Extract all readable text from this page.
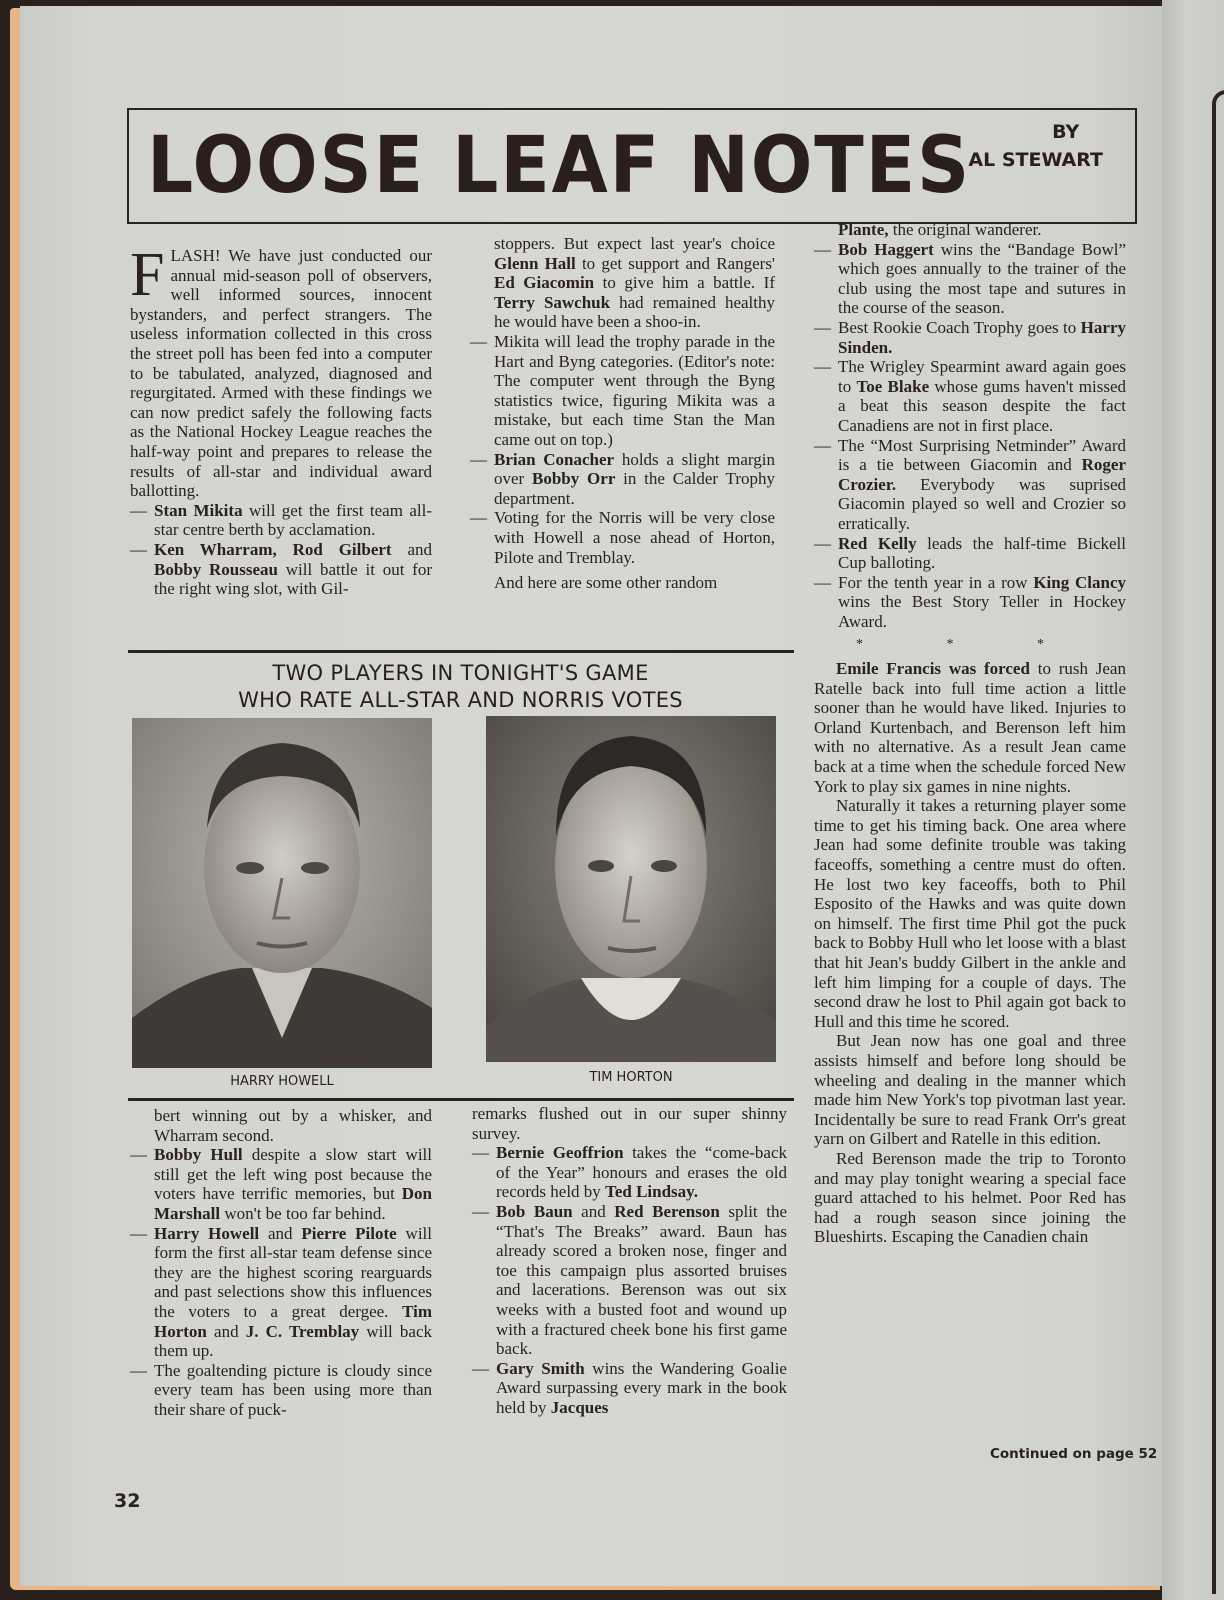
LOOSE LEAF NOTES	BY
AL STEWART

FLASH! We have just conducted our annual mid-season poll of observers, well informed sources, innocent bystanders, and perfect strangers. The useless information collected in this cross the street poll has been fed into a computer to be tabulated, analyzed, diagnosed and regurgitated. Armed with these findings we can now predict safely the following facts as the National Hockey League reaches the half-way point and prepares to release the results of all-star and individual award ballotting.

— Stan Mikita will get the first team all-star centre berth by acclamation.

— Ken Wharram, Rod Gilbert and Bobby Rousseau will battle it out for the right wing slot, with Gil-

stoppers. But expect last year's choice Glenn Hall to get support and Rangers' Ed Giacomin to give him a battle. If Terry Sawchuk had remained healthy he would have been a shoo-in.

— Mikita will lead the trophy parade in the Hart and Byng categories. (Editor's note: The computer went through the Byng statistics twice, figuring Mikita was a mistake, but each time Stan the Man came out on top.)

— Brian Conacher holds a slight margin over Bobby Orr in the Calder Trophy department.

— Voting for the Norris will be very close with Howell a nose ahead of Horton, Pilote and Tremblay.

And here are some other random

TWO PLAYERS IN TONIGHT'S GAME
WHO RATE ALL-STAR AND NORRIS VOTES
HARRY HOWELL	TIM HORTON

bert winning out by a whisker, and Wharram second.

— Bobby Hull despite a slow start will still get the left wing post because the voters have terrific memories, but Don Marshall won't be too far behind.

— Harry Howell and Pierre Pilote will form the first all-star team defense since they are the highest scoring rearguards and past selections show this influences the voters to a great dergee. Tim Horton and J. C. Tremblay will back them up.

— The goaltending picture is cloudy since every team has been using more than their share of puck-

remarks flushed out in our super shinny survey.

— Bernie Geoffrion takes the “come-back of the Year” honours and erases the old records held by Ted Lindsay.

— Bob Baun and Red Berenson split the “That's The Breaks” award. Baun has already scored a broken nose, finger and toe this campaign plus assorted bruises and lacerations. Berenson was out six weeks with a busted foot and wound up with a fractured cheek bone his first game back.

— Gary Smith wins the Wandering Goalie Award surpassing every mark in the book held by Jacques

Plante, the original wanderer.

— Bob Haggert wins the “Bandage Bowl” which goes annually to the trainer of the club using the most tape and sutures in the course of the season.

— Best Rookie Coach Trophy goes to Harry Sinden.

— The Wrigley Spearmint award again goes to Toe Blake whose gums haven't missed a beat this season despite the fact Canadiens are not in first place.

— The “Most Surprising Netminder” Award is a tie between Giacomin and Roger Crozier. Everybody was suprised Giacomin played so well and Crozier so erratically.

— Red Kelly leads the half-time Bickell Cup balloting.

— For the tenth year in a row King Clancy wins the Best Story Teller in Hockey Award.

* * *

Emile Francis was forced to rush Jean Ratelle back into full time action a little sooner than he would have liked. Injuries to Orland Kurtenbach, and Berenson left him with no alternative. As a result Jean came back at a time when the schedule forced New York to play six games in nine nights.

Naturally it takes a returning player some time to get his timing back. One area where Jean had some definite trouble was taking faceoffs, something a centre must do often. He lost two key faceoffs, both to Phil Esposito of the Hawks and was quite down on himself. The first time Phil got the puck back to Bobby Hull who let loose with a blast that hit Jean's buddy Gilbert in the ankle and left him limping for a couple of days. The second draw he lost to Phil again got back to Hull and this time he scored.

But Jean now has one goal and three assists himself and before long should be wheeling and dealing in the manner which made him New York's top pivotman last year. Incidentally be sure to read Frank Orr's great yarn on Gilbert and Ratelle in this edition.

Red Berenson made the trip to Toronto and may play tonight wearing a special face guard attached to his helmet. Poor Red has had a rough season since joining the Blueshirts. Escaping the Canadien chain

Continued on page 52
32
